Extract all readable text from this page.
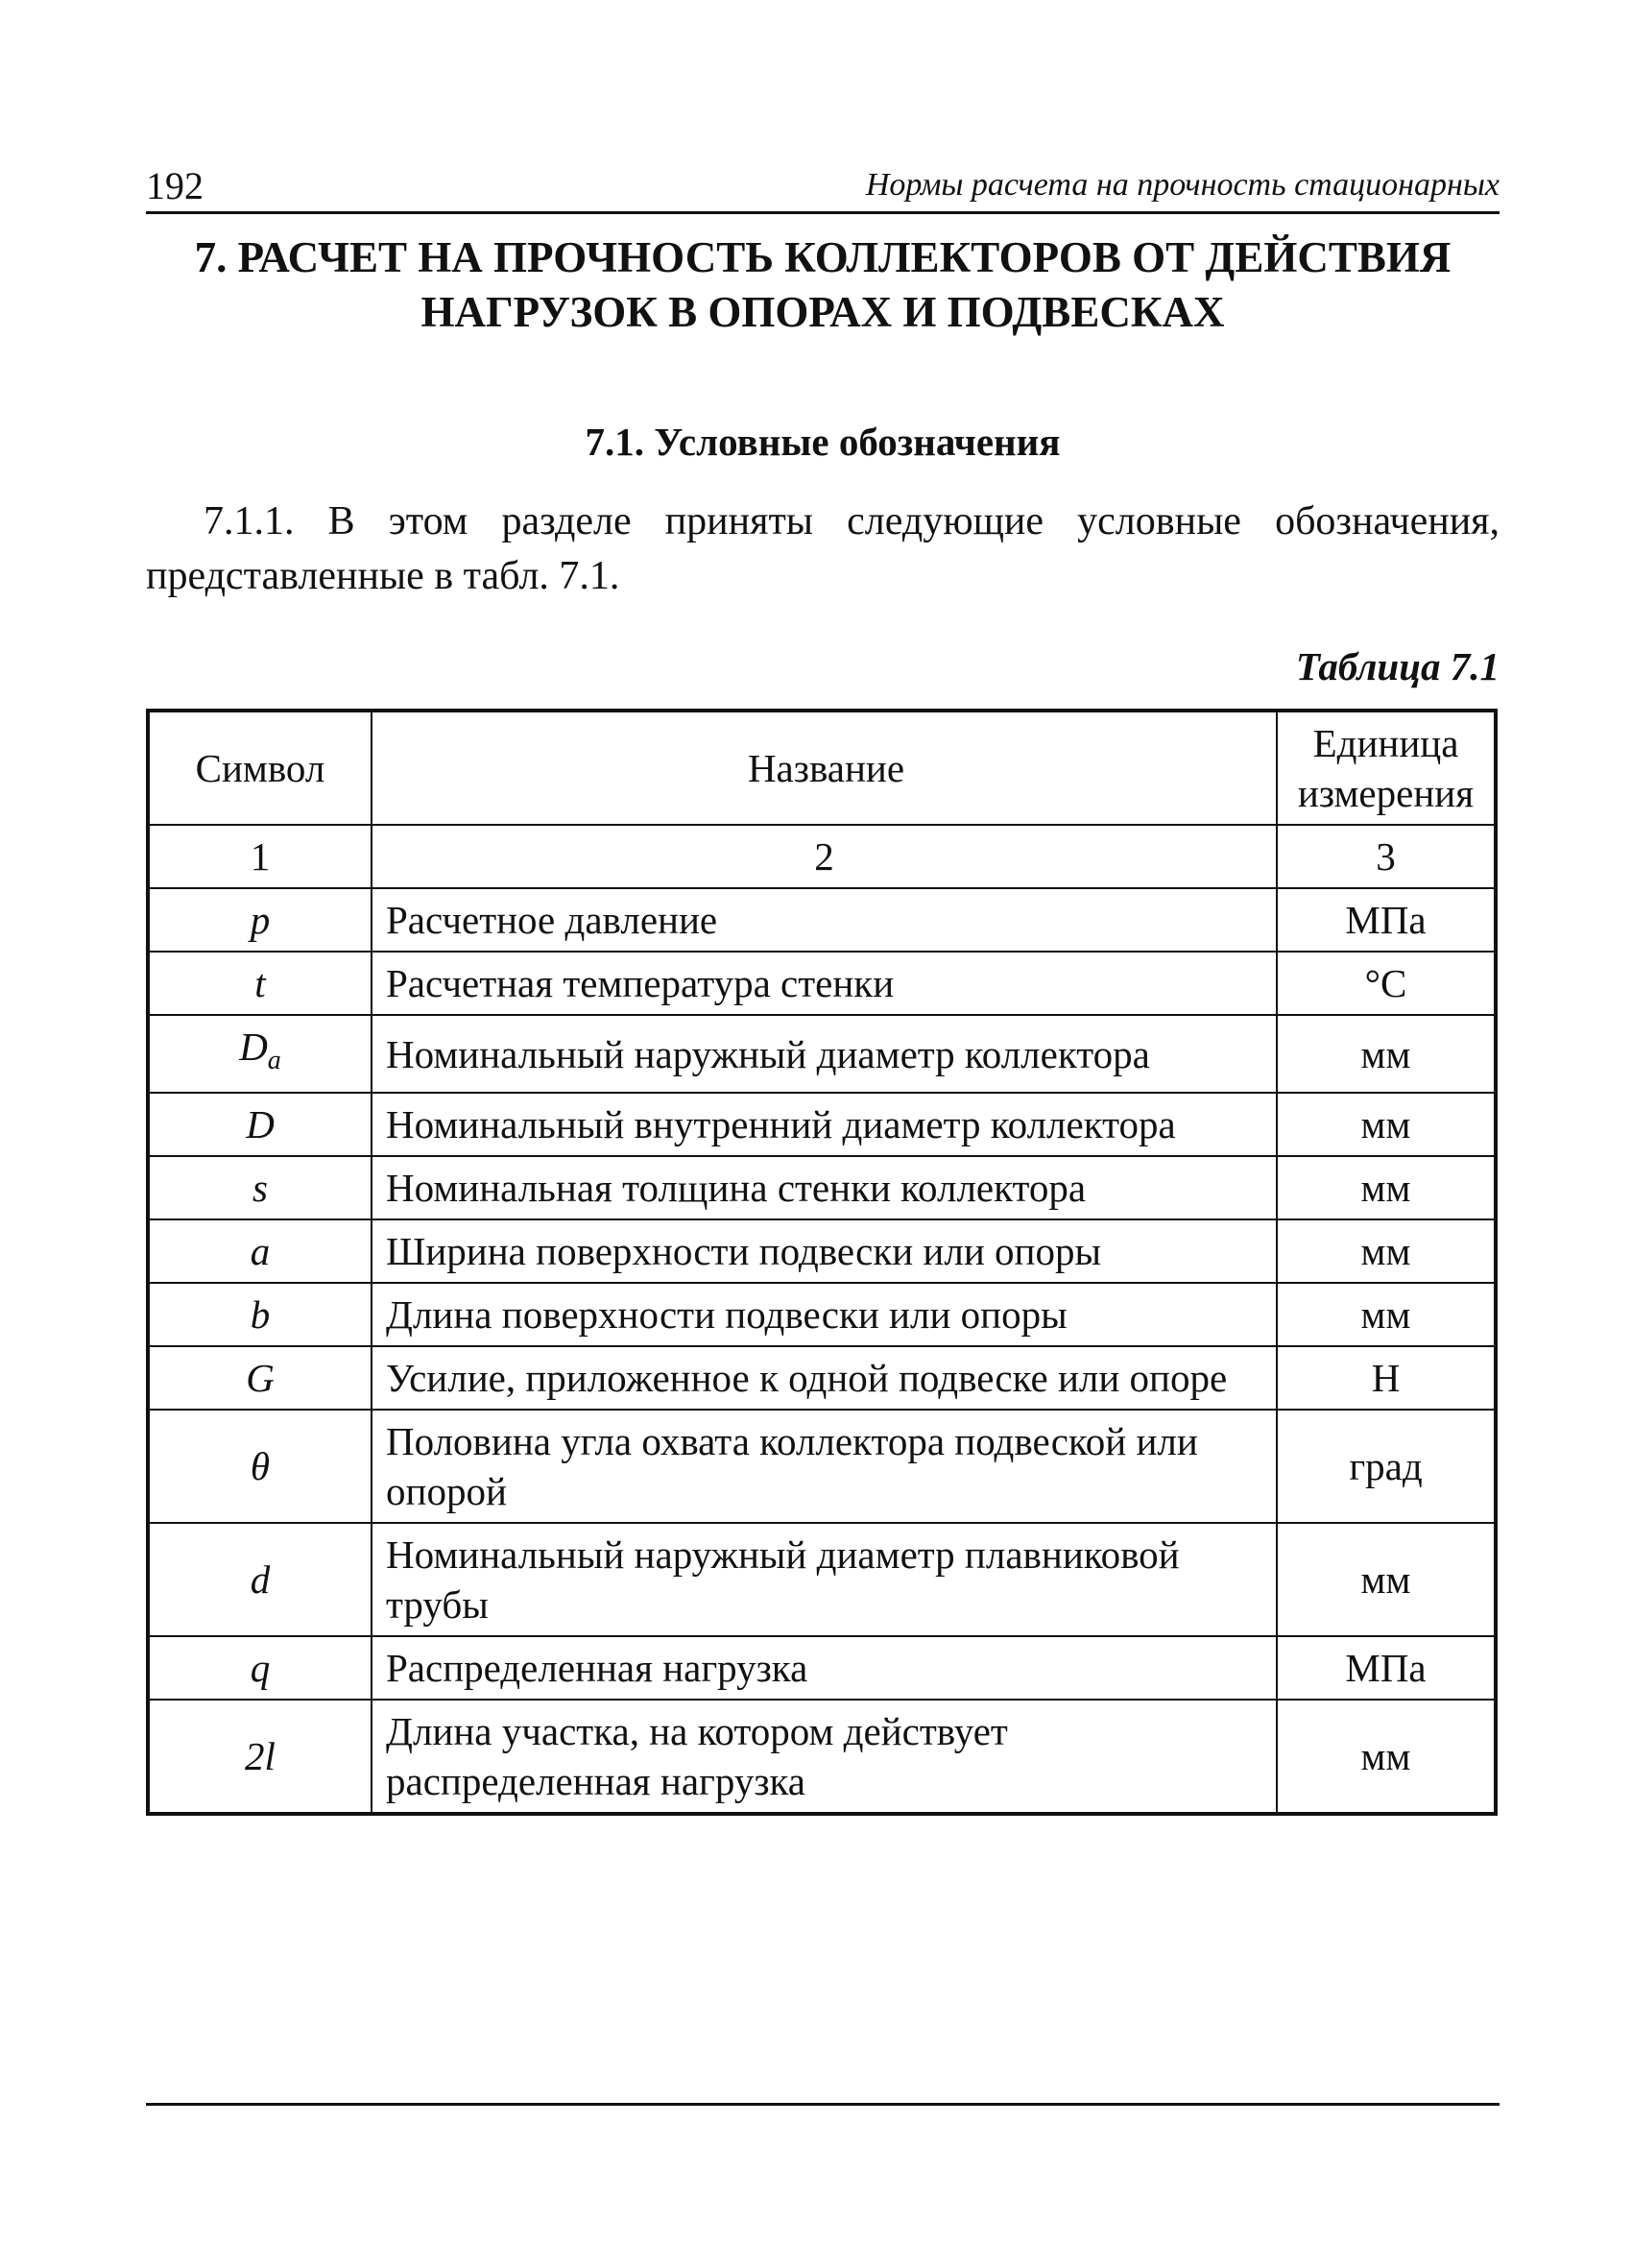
192	Нормы расчета на прочность стационарных
7. РАСЧЕТ НА ПРОЧНОСТЬ КОЛЛЕКТОРОВ ОТ ДЕЙСТВИЯ
НАГРУЗОК В ОПОРАХ И ПОДВЕСКАХ
7.1. Условные обозначения
7.1.1. В этом разделе приняты следующие условные обозначения,
представленные в табл. 7.1.
Таблица 7.1
Символ	Название	Единица
измерения

1	2	3
p	Расчетное давление	МПа
t	Расчетная температура стенки	°С
$D_a$	Номинальный наружный диаметр коллектора	мм
D	Номинальный внутренний диаметр коллектора	мм
s	Номинальная толщина стенки коллектора	мм
a	Ширина поверхности подвески или опоры	мм
b	Длина поверхности подвески или опоры	мм
G	Усилие, приложенное к одной подвеске или опоре	Н
θ	Половина угла охвата коллектора подвеской или опорой	град
d	Номинальный наружный диаметр плавниковой трубы	мм
q	Распределенная нагрузка	МПа
2l	Длина участка, на котором действует распределенная нагрузка	мм
